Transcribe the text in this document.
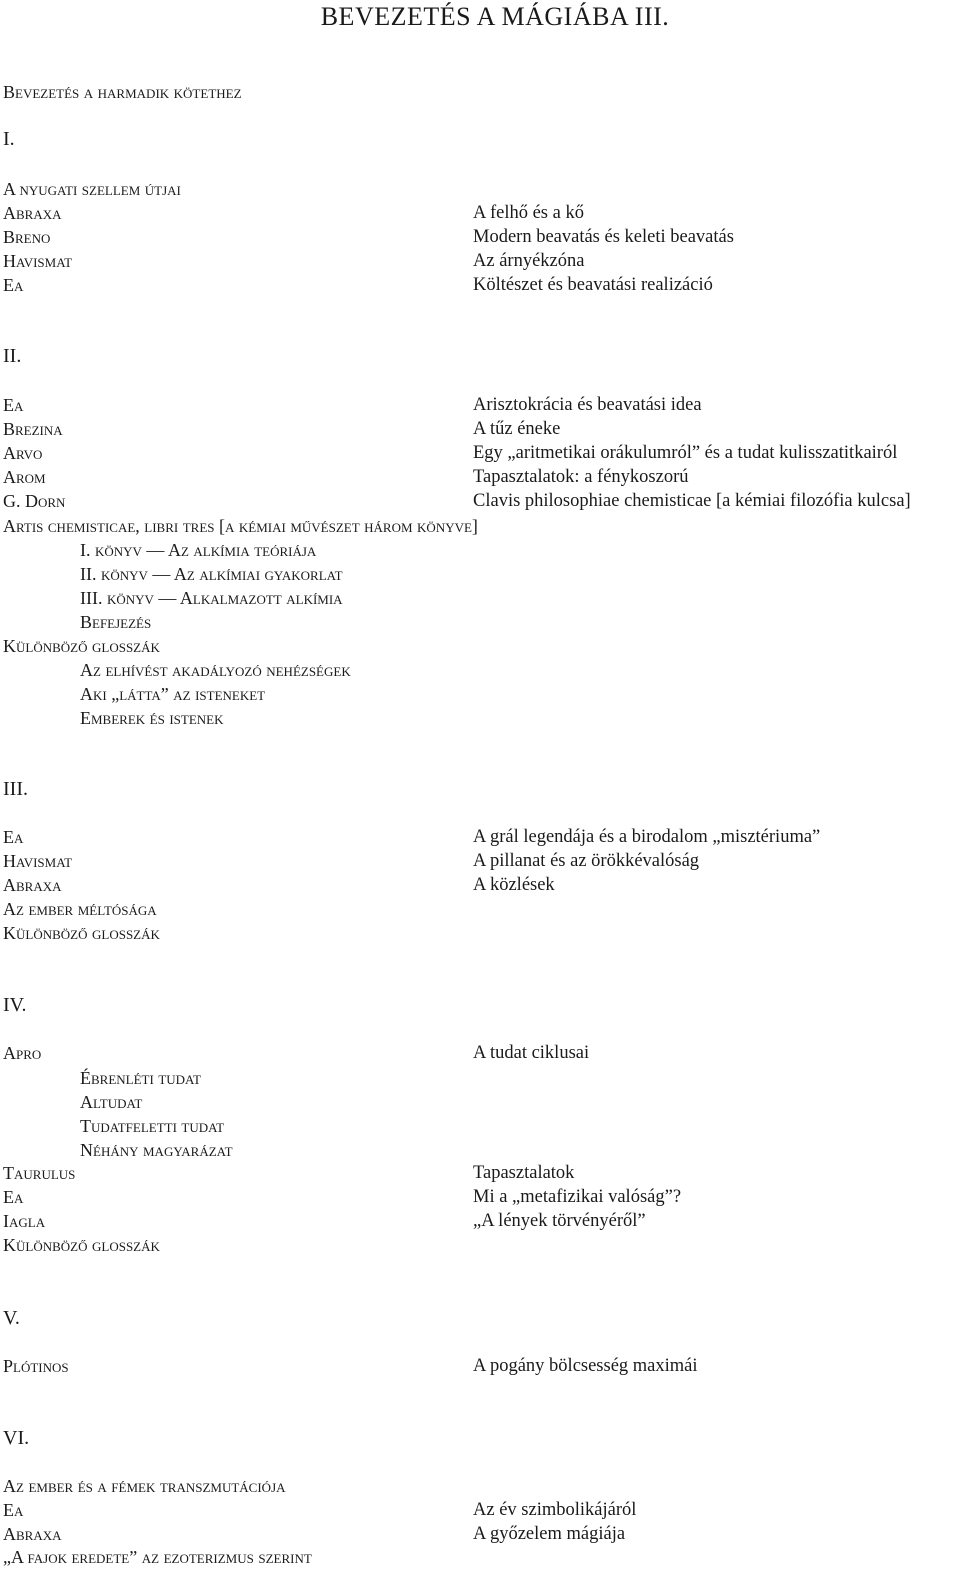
BEVEZETÉS A MÁGIÁBA III.
Bevezetés a harmadik kötethez
I.
A nyugati szellem útjai
Abraxa
Breno
Havismat
Ea
A felhő és a kő
Modern beavatás és keleti beavatás
Az árnyékzóna
Költészet és beavatási realizáció
II.
Ea
Brezina
Arvo
Arom
G. Dorn
Arisztokrácia és beavatási idea
A tűz éneke
Egy „aritmetikai orákulumról” és a tudat kulisszatitkairól
Tapasztalatok: a fénykoszorú
Clavis philosophiae chemisticae [a kémiai filozófia kulcsa]
Artis chemisticae, libri tres [a kémiai művészet három könyve]
I. könyv — Az alkímia teóriája
II. könyv — Az alkímiai gyakorlat
III. könyv — Alkalmazott alkímia
Befejezés
Különböző glosszák
Az elhívést akadályozó nehézségek
Aki „látta” az isteneket
Emberek és istenek
III.
Ea
Havismat
Abraxa
Az ember méltósága
Különböző glosszák
A grál legendája és a birodalom „misztériuma”
A pillanat és az örökkévalóság
A közlések
IV.
Apro	A tudat ciklusai
Ébrenléti tudat
Altudat
Tudatfeletti tudat
Néhány magyarázat
Taurulus
Ea
Iagla
Különböző glosszák
Tapasztalatok
Mi a „metafizikai valóság”?
„A lények törvényéről”
V.
Plótinos	A pogány bölcsesség maximái
VI.
Az ember és a fémek transzmutációja
Ea
Abraxa
„A fajok eredete” az ezoterizmus szerint
Az év szimbolikájáról
A győzelem mágiája
